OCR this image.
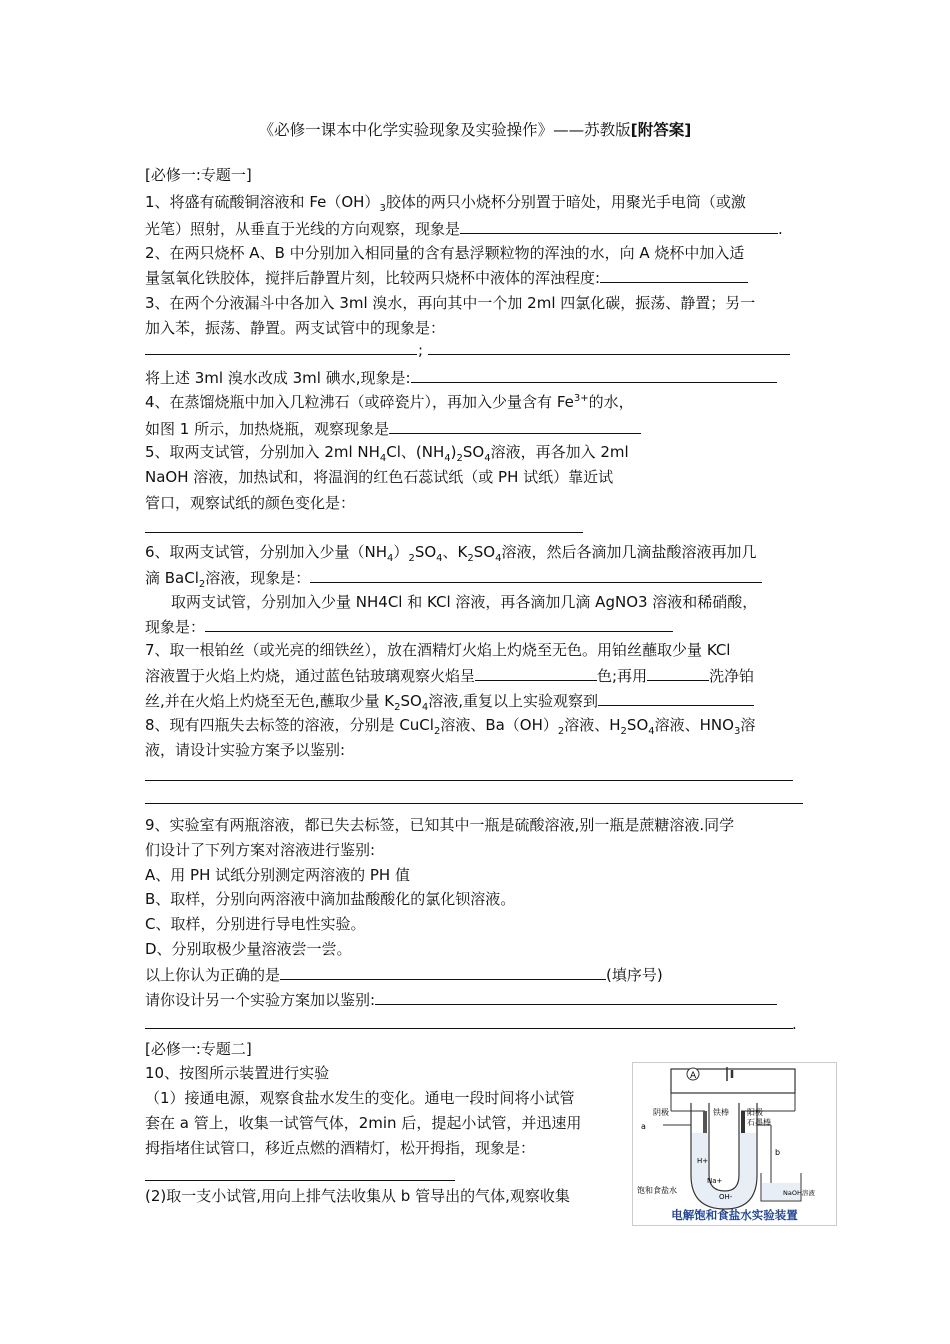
《必修一课本中化学实验现象及实验操作》——苏教版[附答案]
[必修一:专题一]
1、将盛有硫酸铜溶液和 $Fe(OH)_3$胶体的两只小烧杯分别置于暗处，用聚光手电筒（或激
光笔）照射，从垂直于光线的方向观察，现象是	.
2、在两只烧杯 A、B 中分别加入相同量的含有悬浮颗粒物的浑浊的水，向 A 烧杯中加入适
量氢氧化铁胶体，搅拌后静置片刻，比较两只烧杯中液体的浑浊程度:
3、在两个分液漏斗中各加入 3ml 溴水，再向其中一个加 2ml 四氯化碳，振荡、静置；另一
加入苯，振荡、静置。两支试管中的现象是：
;
将上述 3ml 溴水改成 3ml 碘水,现象是:
4、在蒸馏烧瓶中加入几粒沸石（或碎瓷片），再加入少量含有 $Fe^{3+}$的水，
如图 1 所示，加热烧瓶，观察现象是
5、取两支试管，分别加入 2ml $NH_4Cl$、$(NH_4)_2SO_4$溶液，再各加入 2ml
NaOH 溶液，加热试和，将温润的红色石蕊试纸（或 PH 试纸）靠近试
管口，观察试纸的颜色变化是：
6、取两支试管，分别加入少量$(NH_4)_2SO_4$、$K_2SO_4$溶液，然后各滴加几滴盐酸溶液再加几
滴 BaCl$_2$溶液，现象是：
取两支试管，分别加入少量 NH4Cl 和 KCl 溶液，再各滴加几滴 AgNO3 溶液和稀硝酸，
现象是：
7、取一根铂丝（或光亮的细铁丝），放在酒精灯火焰上灼烧至无色。用铂丝蘸取少量 KCl
溶液置于火焰上灼烧，通过蓝色钴玻璃观察火焰呈	色;再用	洗净铂
丝,并在火焰上灼烧至无色,蘸取少量 $K_2SO_4$溶液,重复以上实验观察到
8、现有四瓶失去标签的溶液，分别是 CuCl$_2$溶液、$Ba(OH)_2$溶液、$H_2SO_4$溶液、$HNO_3$溶
液，请设计实验方案予以鉴别:
9、实验室有两瓶溶液，都已失去标签，已知其中一瓶是硫酸溶液,别一瓶是蔗糖溶液.同学
们设计了下列方案对溶液进行鉴别:
A、用 PH 试纸分别测定两溶液的 PH 值
B、取样，分别向两溶液中滴加盐酸酸化的氯化钡溶液。
C、取样，分别进行导电性实验。
D、分别取极少量溶液尝一尝。
以上你认为正确的是	(填序号)
请你设计另一个实验方案加以鉴别:
.
[必修一:专题二]
10、按图所示装置进行实验
（1）接通电源，观察食盐水发生的变化。通电一段时间将小试管
套在 a 管上，收集一试管气体，2min 后，提起小试管，并迅速用
拇指堵住试管口，移近点燃的酒精灯，松开拇指，现象是：
(2)取一支小试管,用向上排气法收集从 b 管导出的气体,观察收集
A
a
b
阴极	铁棒 阳极
石墨棒
饱和食盐水
Na+
OH-
H+
NaOH溶液
电解饱和食盐水实验装置
